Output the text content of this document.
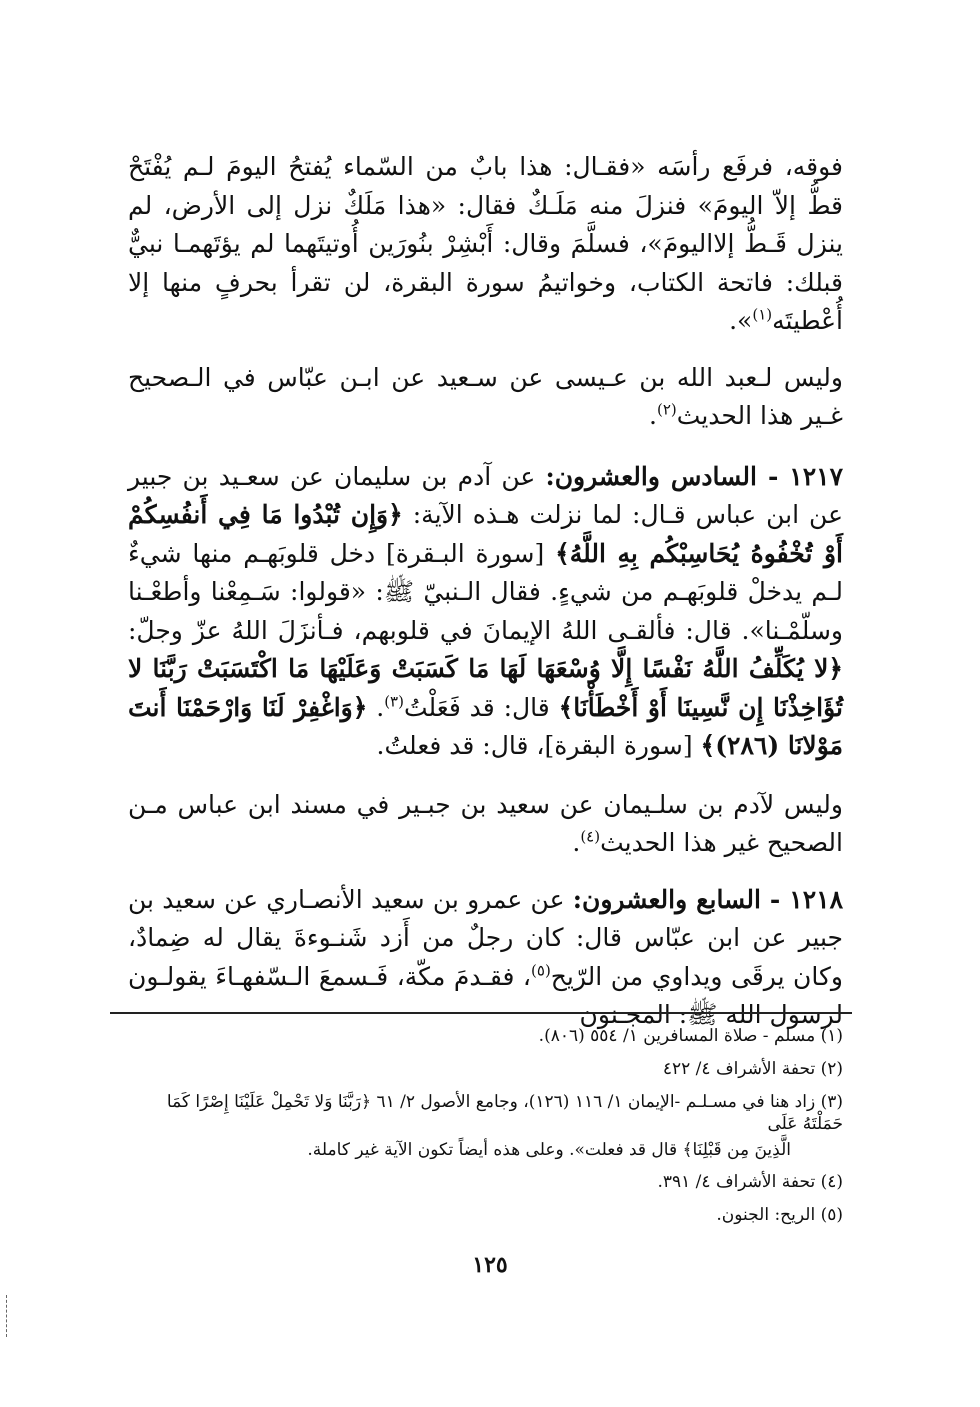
فوقه، فرفَع رأسَه «فقـال: هذا بابٌ من السّماء يُفتحُ اليومَ لـم يُفْتَحْ قطُّ إلاّ اليومَ» فنزلَ منه مَلَـكٌ فقال: «هذا مَلَكٌ نزل إلى الأرض، لم ينزل قَـطُّ إلااليومَ»، فسلَّمَ وقال: أَبْشِرْ بنُورَين أُوتيتَهما لم يؤتَهمـا نبيٌّ قبلك: فاتحة الكتاب، وخواتيمُ سورة البقرة، لن تقرأ بحرفٍ منها إلا أُعْطيتَه$^{(١)}$».

وليس لـعبد الله بن عـيسى عن سـعيد عن ابـن عبّاس في الـصحيح غـير هذا الحديث$^{(٢)}$.

١٢١٧ - السادس والعشرون: عن آدم بن سليمان عن سعـيد بن جبير عن ابن عباس قـال: لما نزلت هـذه الآية: ﴿وَإِن تُبْدُوا مَا فِي أَنفُسِكُمْ أَوْ تُخْفُوهُ يُحَاسِبْكُم بِهِ اللَّهُ﴾ [سورة البـقرة] دخل قلوبَهـم منها شيءٌ لـم يدخلْ قلوبَهـم من شيءٍ. فقال الـنبيّ ﷺ: «قولوا: سَـمِعْنا وأطعْـنا وسلّمْـنا». قال: فألقـى اللهُ الإيمانَ في قلوبهم، فـأنزَلَ اللهُ عزّ وجلّ: ﴿لا يُكَلِّفُ اللَّهُ نَفْسًا إِلَّا وُسْعَهَا لَهَا مَا كَسَبَتْ وَعَلَيْهَا مَا اكْتَسَبَتْ رَبَّنَا لا تُؤَاخِذْنَا إِن نَّسِينَا أَوْ أَخْطَأْنَا﴾ قال: قد فَعَلْتُ$^{(٣)}$. ﴿وَاغْفِرْ لَنَا وَارْحَمْنَا أَنتَ مَوْلانَا (٢٨٦)﴾ [سورة البقرة]، قال: قد فعلتُ.

وليس لآدم بن سلـيمان عن سعيد بن جبـير في مسند ابن عباس مـن الصحيح غير هذا الحديث$^{(٤)}$.

١٢١٨ - السابع والعشرون: عن عمرو بن سعيد الأنصـاري عن سعيد بن جبير عن ابن عبّاس قال: كان رجلٌ من أَزد شَنـوءةَ يقال له ضِمادٌ، وكان يرقَى ويداوي من الرّيح$^{(٥)}$، فقـدمَ مكّة، فَـسمعَ الـسّفهـاءَ يقولـون لرسول الله ﷺ: المجـنون

(١) مسلم - صلاة المسافرين ١/ ٥٥٤ (٨٠٦).

(٢) تحفة الأشراف ٤/ ٤٢٢

(٣) زاد هنا في مسـلـم -الإيمان ١/ ١١٦ (١٢٦)، وجامع الأصول ٢/ ٦١ ﴿رَبَّنَا وَلا تَحْمِلْ عَلَيْنَا إِصْرًا كَمَا حَمَلْتَهُ عَلَى

الَّذِينَ مِن قَبْلِنَا﴾ قال قد فعلت». وعلى هذه أيضاً تكون الآية غير كاملة.

(٤) تحفة الأشراف ٤/ ٣٩١.

(٥) الريح: الجنون.

١٢٥
